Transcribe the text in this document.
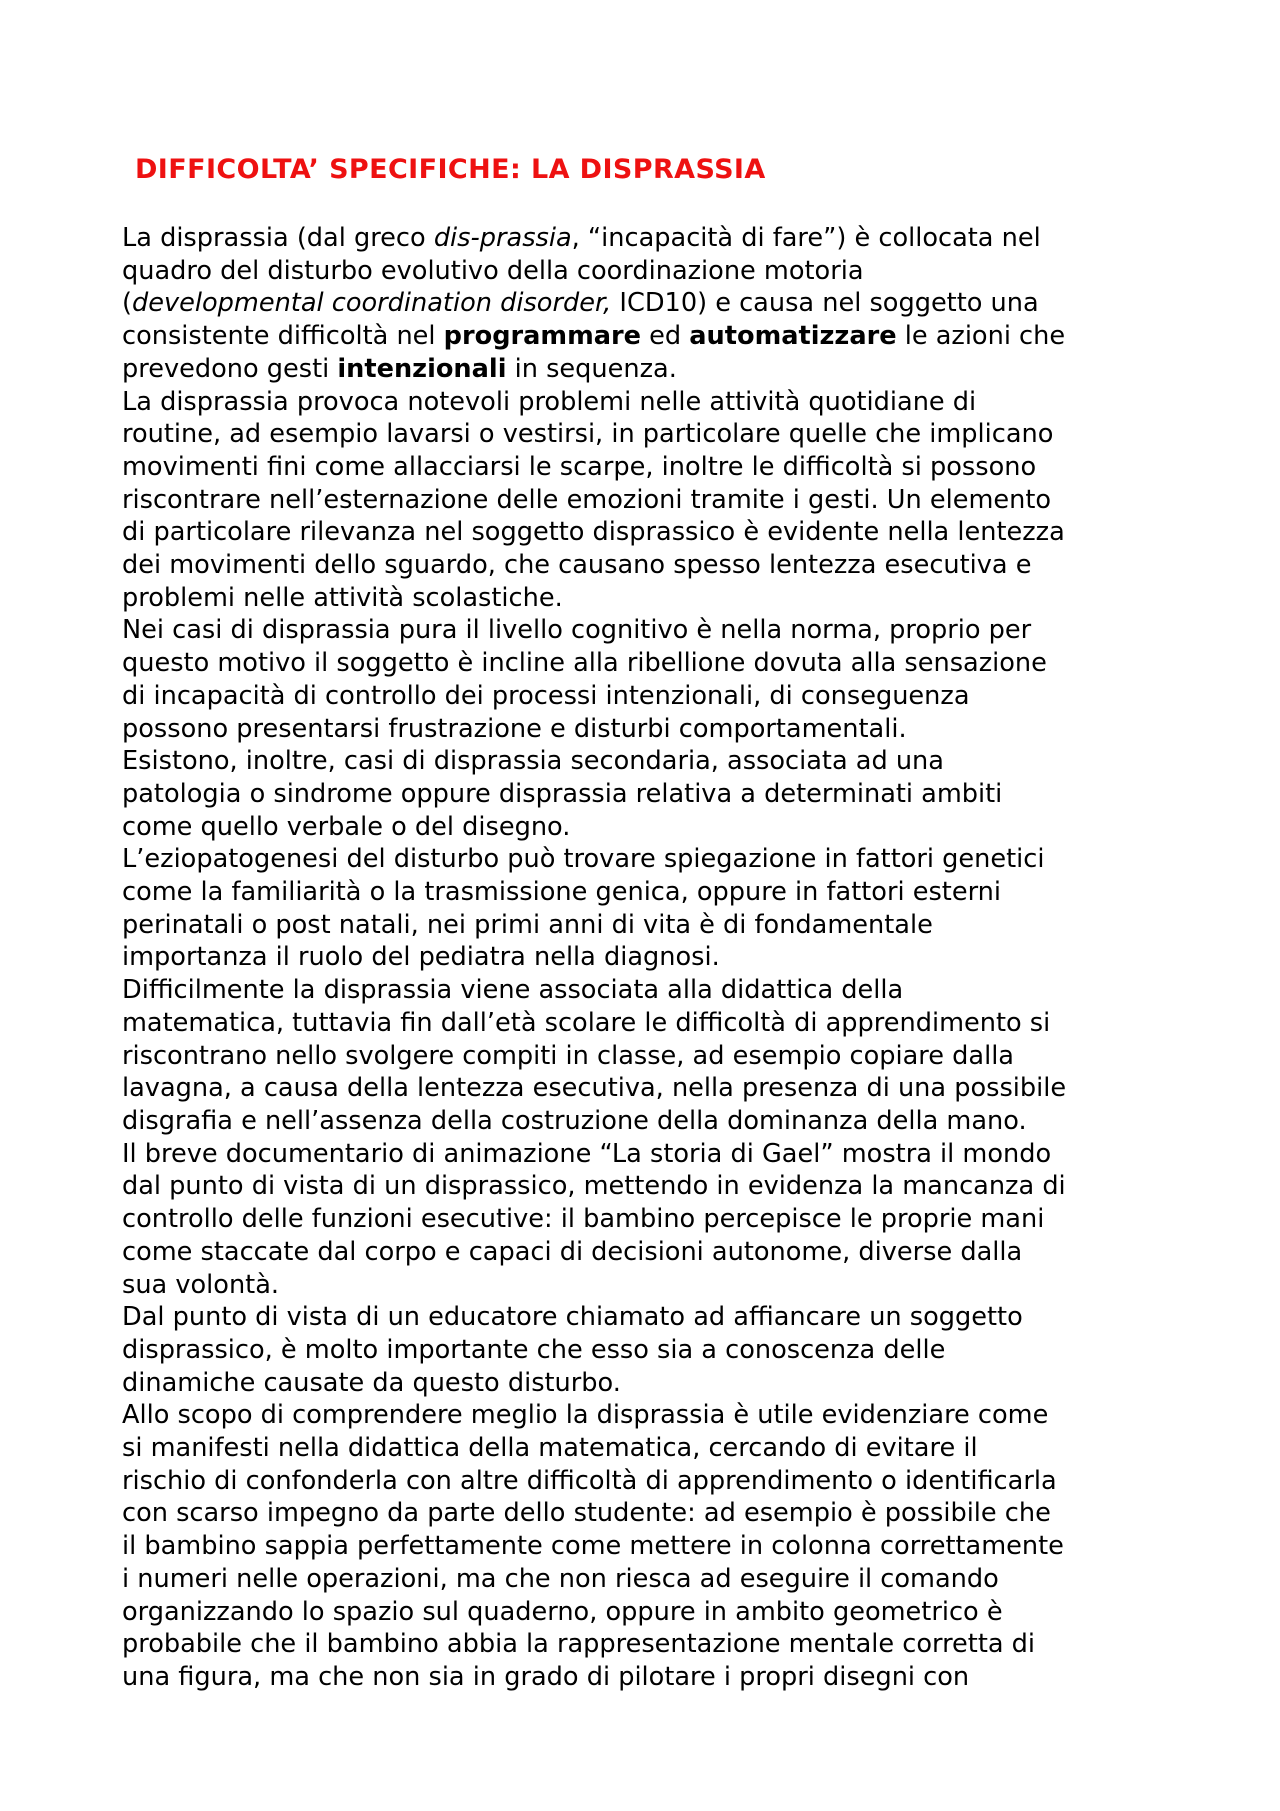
DIFFICOLTA’ SPECIFICHE: LA DISPRASSIA
La disprassia (dal greco dis-prassia, “incapacità di fare”) è collocata nel
quadro del disturbo evolutivo della coordinazione motoria
(developmental coordination disorder, ICD10) e causa nel soggetto una
consistente difficoltà nel programmare ed automatizzare le azioni che
prevedono gesti intenzionali in sequenza.
La disprassia provoca notevoli problemi nelle attività quotidiane di
routine, ad esempio lavarsi o vestirsi, in particolare quelle che implicano
movimenti fini come allacciarsi le scarpe, inoltre le difficoltà si possono
riscontrare nell’esternazione delle emozioni tramite i gesti. Un elemento
di particolare rilevanza nel soggetto disprassico è evidente nella lentezza
dei movimenti dello sguardo, che causano spesso lentezza esecutiva e
problemi nelle attività scolastiche.
Nei casi di disprassia pura il livello cognitivo è nella norma, proprio per
questo motivo il soggetto è incline alla ribellione dovuta alla sensazione
di incapacità di controllo dei processi intenzionali, di conseguenza
possono presentarsi frustrazione e disturbi comportamentali.
Esistono, inoltre, casi di disprassia secondaria, associata ad una
patologia o sindrome oppure disprassia relativa a determinati ambiti
come quello verbale o del disegno.
L’eziopatogenesi del disturbo può trovare spiegazione in fattori genetici
come la familiarità o la trasmissione genica, oppure in fattori esterni
perinatali o post natali, nei primi anni di vita è di fondamentale
importanza il ruolo del pediatra nella diagnosi.
Difficilmente la disprassia viene associata alla didattica della
matematica, tuttavia fin dall’età scolare le difficoltà di apprendimento si
riscontrano nello svolgere compiti in classe, ad esempio copiare dalla
lavagna, a causa della lentezza esecutiva, nella presenza di una possibile
disgrafia e nell’assenza della costruzione della dominanza della mano.
Il breve documentario di animazione “La storia di Gael” mostra il mondo
dal punto di vista di un disprassico, mettendo in evidenza la mancanza di
controllo delle funzioni esecutive: il bambino percepisce le proprie mani
come staccate dal corpo e capaci di decisioni autonome, diverse dalla
sua volontà.
Dal punto di vista di un educatore chiamato ad affiancare un soggetto
disprassico, è molto importante che esso sia a conoscenza delle
dinamiche causate da questo disturbo.
Allo scopo di comprendere meglio la disprassia è utile evidenziare come
si manifesti nella didattica della matematica, cercando di evitare il
rischio di confonderla con altre difficoltà di apprendimento o identificarla
con scarso impegno da parte dello studente: ad esempio è possibile che
il bambino sappia perfettamente come mettere in colonna correttamente
i numeri nelle operazioni, ma che non riesca ad eseguire il comando
organizzando lo spazio sul quaderno, oppure in ambito geometrico è
probabile che il bambino abbia la rappresentazione mentale corretta di
una figura, ma che non sia in grado di pilotare i propri disegni con
